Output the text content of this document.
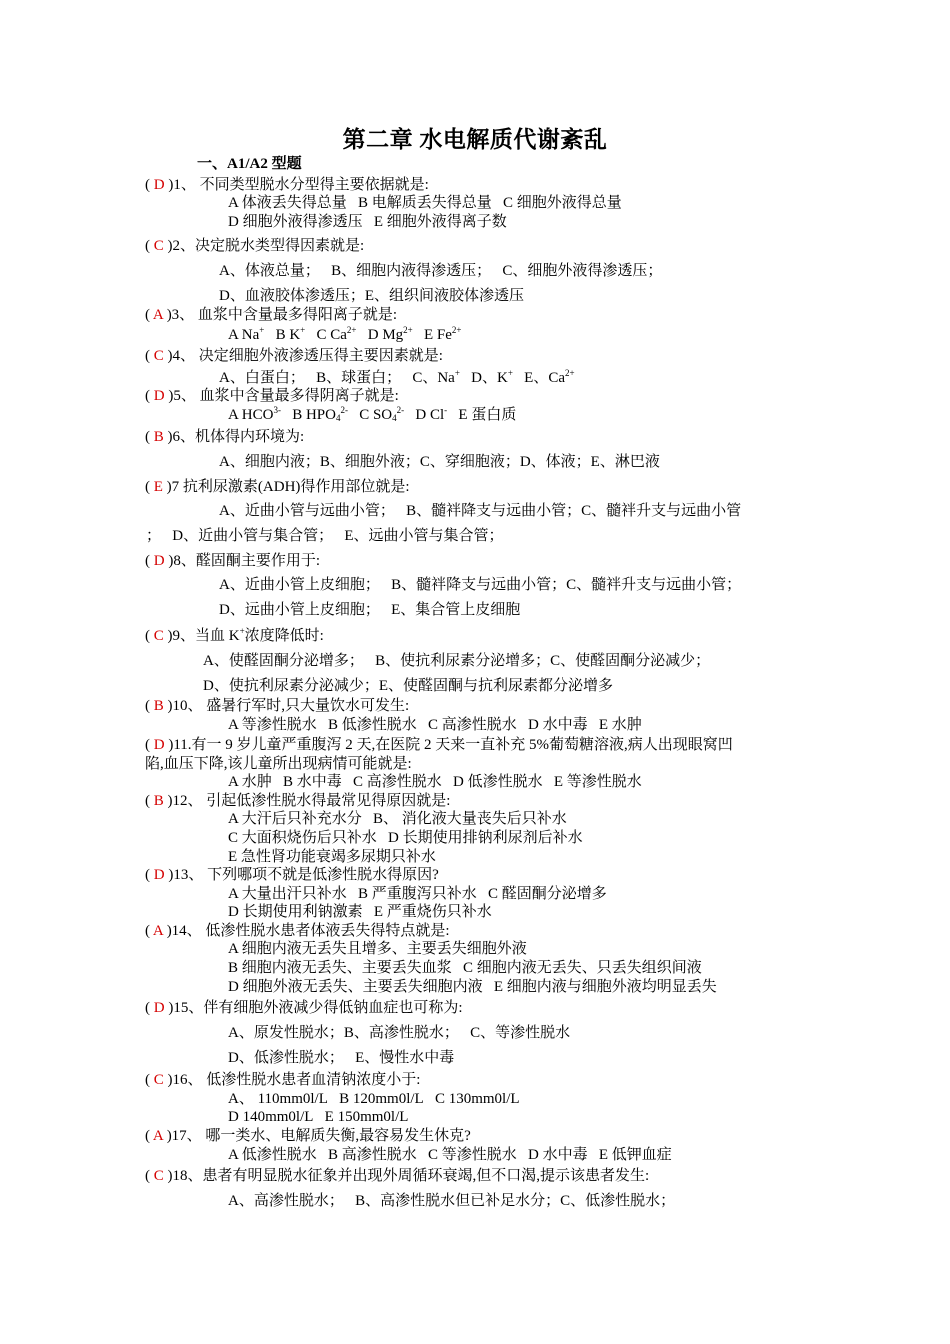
第二章 水电解质代谢紊乱
一、A1/A2 型题
( D )1、 不同类型脱水分型得主要依据就是:
A 体液丢失得总量   B 电解质丢失得总量   C 细胞外液得总量
D 细胞外液得渗透压   E 细胞外液得离子数
( C )2、决定脱水类型得因素就是:
A、体液总量；   B、细胞内液得渗透压；   C、细胞外液得渗透压；
D、血液胶体渗透压；E、组织间液胶体渗透压
( A )3、 血浆中含量最多得阳离子就是:
A Na+   B K+   C $Ca^{2+}$   D $Mg^{2+}$   E $Fe^{2+}$
( C )4、 决定细胞外液渗透压得主要因素就是:
A、白蛋白；   B、球蛋白；   C、Na+   D、K+   E、$Ca^{2+}$
( D )5、 血浆中含量最多得阴离子就是:
A $HCO^{3-}$   B $HPO_4^{2-}$   C $SO_4^{2-}$   D Cl-   E 蛋白质
( B )6、机体得内环境为:
A、细胞内液；B、细胞外液；C、穿细胞液；D、体液；E、淋巴液
( E )7 抗利尿激素(ADH)得作用部位就是:
A、近曲小管与远曲小管；   B、髓袢降支与远曲小管；C、髓袢升支与远曲小管
；   D、近曲小管与集合管；   E、远曲小管与集合管；
( D )8、醛固酮主要作用于:
A、近曲小管上皮细胞；   B、髓袢降支与远曲小管；C、髓袢升支与远曲小管；
D、远曲小管上皮细胞；   E、集合管上皮细胞
( C )9、当血 K+浓度降低时:
A、使醛固酮分泌增多；   B、使抗利尿素分泌增多；C、使醛固酮分泌减少；
D、使抗利尿素分泌减少；E、使醛固酮与抗利尿素都分泌增多
( B )10、 盛暑行军时,只大量饮水可发生:
A 等渗性脱水   B 低渗性脱水   C 高渗性脱水   D 水中毒   E 水肿
( D )11.有一 9 岁儿童严重腹泻 2 天,在医院 2 天来一直补充 5%葡萄糖溶液,病人出现眼窝凹
陷,血压下降,该儿童所出现病情可能就是:
A 水肿   B 水中毒   C 高渗性脱水   D 低渗性脱水   E 等渗性脱水
( B )12、 引起低渗性脱水得最常见得原因就是:
A 大汗后只补充水分   B、 消化液大量丧失后只补水
C 大面积烧伤后只补水   D 长期使用排钠利尿剂后补水
E 急性肾功能衰竭多尿期只补水
( D )13、 下列哪项不就是低渗性脱水得原因?
A 大量出汗只补水   B 严重腹泻只补水   C 醛固酮分泌增多
D 长期使用利钠激素   E 严重烧伤只补水
( A )14、 低渗性脱水患者体液丢失得特点就是:
A 细胞内液无丢失且增多、主要丢失细胞外液
B 细胞内液无丢失、主要丢失血浆   C 细胞内液无丢失、只丢失组织间液
D 细胞外液无丢失、主要丢失细胞内液   E 细胞内液与细胞外液均明显丢失
( D )15、伴有细胞外液减少得低钠血症也可称为:
A、原发性脱水；B、高渗性脱水；   C、等渗性脱水
D、低渗性脱水；   E、慢性水中毒
( C )16、 低渗性脱水患者血清钠浓度小于:
A、 110mm0l/L   B 120mm0l/L   C 130mm0l/L
D 140mm0l/L   E 150mm0l/L
( A )17、 哪一类水、电解质失衡,最容易发生休克?
A 低渗性脱水   B 高渗性脱水   C 等渗性脱水   D 水中毒   E 低钾血症
( C )18、患者有明显脱水征象并出现外周循环衰竭,但不口渴,提示该患者发生:
A、高渗性脱水；   B、高渗性脱水但已补足水分；C、低渗性脱水；
